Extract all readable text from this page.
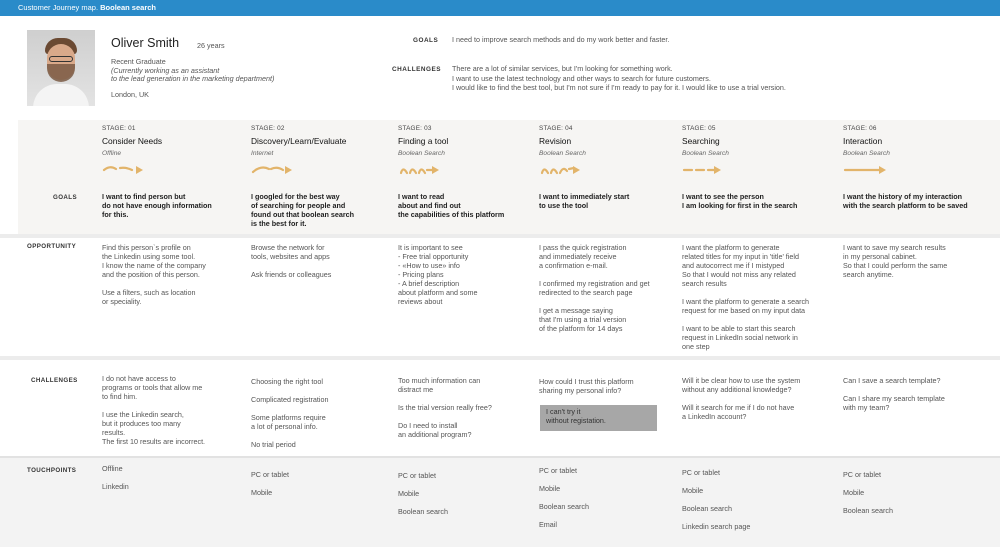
Customer Journey map. Boolean search
Oliver Smith 26 years
Recent Graduate
(Currently working as an assistant
to the lead generation in the marketing department)
London, UK
GOALS I need to improve search methods and do my work better and faster.
CHALLENGES There are a lot of similar services, but I'm looking for something work.
I want to use the latest technology and other ways to search for future customers.
I would like to find the best tool, but I'm not sure if I'm ready to pay for it. I would like to use a trial version.
GOALS
OPPORTUNITY
CHALLENGES
TOUCHPOINTS
I can't try it
without registation.
STAGE: 01
Consider Needs
Offline
I want to find person but
do not have enough information
for this.

Find this person`s profile on
the Linkedin using some tool.
I know the name of the company
and the position of this person.

Use a filters, such as location
or speciality.

I do not have access to
programs or tools that allow me
to find him.

I use the Linkedin search,
but it produces too many
results.
The first 10 results are incorrect.

Offline

Linkedin

STAGE: 02
Discovery/Learn/Evaluate
Internet
I googled for the best way
of searching for people and
found out that boolean search
is the best for it.

Browse the network for
tools, websites and apps

Ask friends or colleagues

Choosing the right tool

Complicated registration

Some platforms require
a lot of personal info.

No trial period

PC or tablet

Mobile

STAGE: 03
Finding a tool
Boolean Search
I want to read
about and find out
the capabilities of this platform

It is important to see
- Free trial opportunity
- «How to use» info
- Pricing plans
- A brief description
about platform and some
reviews about

Too much information can
distract me

Is the trial version really free?

Do I need to install
an additional program?

PC or tablet

Mobile

Boolean search

STAGE: 04
Revision
Boolean Search
I want to immediately start
to use the tool

I pass the quick registration
and immediately receive
a confirmation e-mail.

I confirmed my registration and get
redirected to the search page

I get a message saying
that I'm using a trial version
of the platform for 14 days

How could I trust this platform
sharing my personal info?

PC or tablet

Mobile

Boolean search

Email

STAGE: 05
Searching
Boolean Search
I want to see the person
I am looking for first in the search

I want the platform to generate
related titles for my input in 'title' field
and autocorrect me if I mistyped
So that I would not miss any related
search results

I want the platform to generate a search
request for me based on my input data

I want to be able to start this search
request in LinkedIn social network in
one step

Will it be clear how to use the system
without any additional knowledge?

Will it search for me if I do not have
a LinkedIn account?

PC or tablet

Mobile

Boolean search

Linkedin search page

STAGE: 06
Interaction
Boolean Search
I want the history of my interaction
with the search platform to be saved

I want to save my search results
in my personal cabinet.
So that I could perform the same
search anytime.

Can I save a search template?

Can I share my search template
with my team?

PC or tablet

Mobile

Boolean search
